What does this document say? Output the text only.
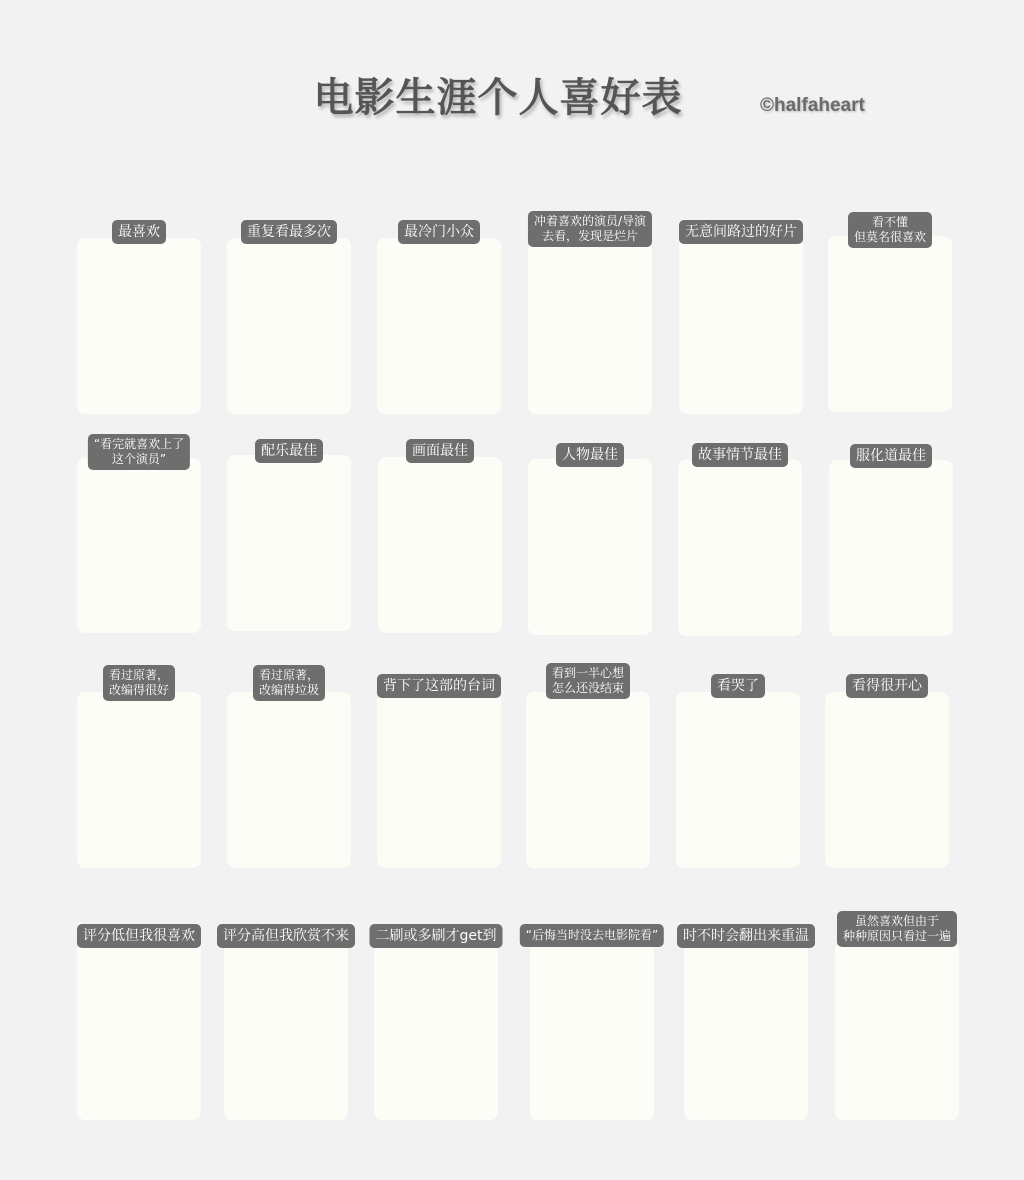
电影生涯个人喜好表	©halfaheart
最喜欢	重复看最多次	最冷门小众
冲着喜欢的演员/导演
去看，发现是烂片	无意间路过的好片
看不懂
但莫名很喜欢
“看完就喜欢上了
这个演员”	配乐最佳	画面最佳	人物最佳	故事情节最佳	服化道最佳
看过原著，
改编得很好
看过原著，
改编得垃圾	背下了这部的台词
看到一半心想
怎么还没结束	看哭了	看得很开心
评分低但我很喜欢	评分高但我欣赏不来	二刷或多刷才get到	“后悔当时没去电影院看”	时不时会翻出来重温
虽然喜欢但由于
种种原因只看过一遍
